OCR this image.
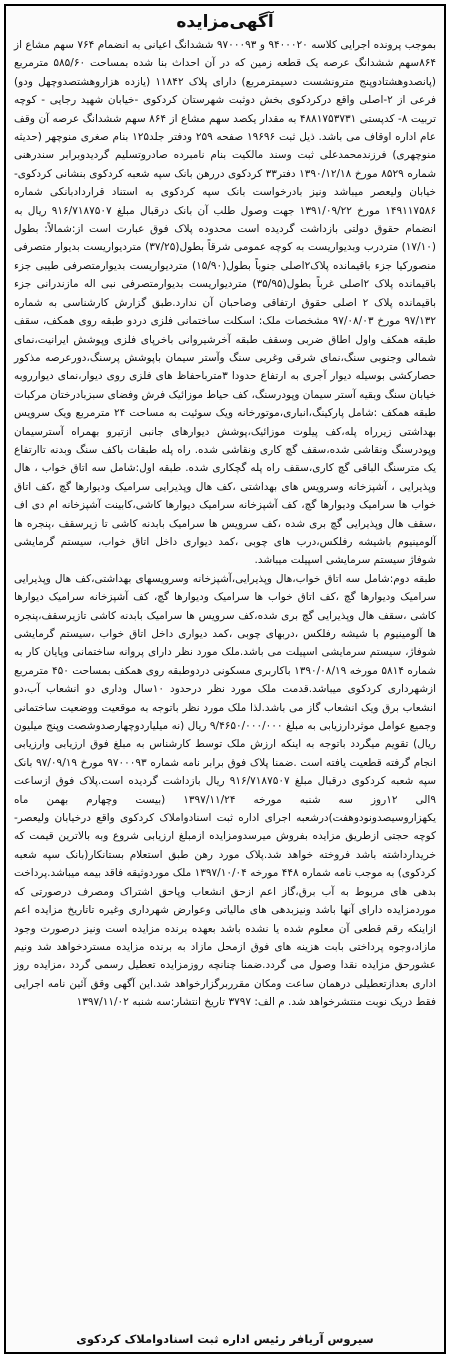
آگهی‌مزایده

بموجب پرونده اجرایی کلاسه ۹۴۰۰۰۲۰ و ۹۷۰۰۰۹۳ ششدانگ اعیانی به انضمام ۷۶۴ سهم مشاع از ۸۶۴سهم ششدانگ عرصه یک قطعه زمین که در آن احداث بنا شده بمساحت ۵۸۵/۶۰ مترمربع (پانصدوهشتادوپنج مترونشست دسیمترمربع) دارای پلاک ۱۱۸۴۲ (یازده هزاروهشتصدوچهل ودو) فرعی از ۲-اصلی واقع درکردکوی بخش دوثبت شهرستان کردکوی -خیابان شهید رجایی - کوچه تربیت ۸- کدپستی ۴۸۸۱۷۵۳۷۳۱ به مقدار یکصد سهم مشاع از ۸۶۴ سهم ششدانگ عرصه آن وقف عام اداره اوقاف می باشد. ذیل ثبت ۱۹۶۹۶ صفحه ۲۵۹ ودفتر جلد۱۲۵ بنام صغری منوچهر (حدیثه منوچهری) فرزندمحمدعلی ثبت وسند مالکیت بنام نامبرده صادروتسلیم گردیدوبرابر سندرهنی شماره ۸۵۲۹ مورخ ۱۳۹۰/۱۲/۱۸ دفتر۳۳ کردکوی دررهن بانک سپه شعبه کردکوی بنشانی کردکوی- خیابان ولیعصر میباشد ونیز بادرخواست بانک سپه کردکوی به استناد قراردادبانکی شماره ۱۴۹۱۱۷۵۸۶ مورخ ۱۳۹۱/۰۹/۲۲ جهت وصول طلب آن بانک درقبال مبلغ ۹۱۶/۷۱۸۷۵۰۷ ریال به انضمام حقوق دولتی بازداشت گردیده است محدوده پلاک فوق عبارت است از:شمالاً: بطول (۱۷/۱۰) متردرب وبدیواریست به کوچه عمومی شرقاً بطول(۳۷/۲۵) متردیواریست بدیوار متصرفی منصورکیا جزء باقیمانده پلاک۲اصلی جنوباً بطول(۱۵/۹۰) متردیواریست بدیوارمتصرفی طیبی جزء باقیمانده پلاک ۲اصلی غرباً بطول(۳۵/۹۵) متردیواریست بدیوارمتصرفی نبی اله مازندرانی جزء باقیمانده پلاک ۲ اصلی حقوق ارتفاقی وصاحبان آن ندارد.طبق گزارش کارشناسی به شماره ۹۷/۱۳۲ مورخ ۹۷/۰۸/۰۳ مشخصات ملک: اسکلت ساختمانی فلزی دردو طبقه روی همکف، سقف طبقه همکف واول اطاق ضربی وسقف طبقه آخرشیروانی باخرپای فلزی وپوشش ایرانیت،نمای شمالی وجنوبی سنگ،نمای شرقی وغربی سنگ وآستر سیمان باپوشش پرسنگ،دورعرصه مذکور حصارکشی بوسیله دیوار آجری به ارتفاع حدودا ۳مترباحفاظ های فلزی روی دیوار،نمای دیوارروبه خیابان سنگ وبقیه آستر سیمان وپودرسنگ، کف حیاط موزائیک فرش وفضای سبزبادرختان مرکبات طبقه همکف :شامل پارکینگ،انباری،موتورخانه ویک سوئیت به مساحت ۲۴ مترمربع ویک سرویس بهداشتی زیرراه پله،کف پیلوت موزائیک،پوشش دیوارهای جانبی ازتیرو بهمراه آسترسیمان وپودرسنگ ونقاشی شده،سقف گچ کاری ونقاشی شده. راه پله طبقات باکف سنگ وبدنه تاارتفاع یک مترسنگ الباقی گچ کاری،سقف راه پله گچکاری شده. طبقه اول:شامل سه اتاق خواب ، هال وپذیرایی ، آشپزخانه وسرویس های بهداشتی ،کف هال وپذیرایی سرامیک ودیوارها گچ ،کف اتاق خواب ها سرامیک ودیوارها گچ، کف آشپزخانه سرامیک دیوارها کاشی،کابینت آشپزخانه ام دی اف ،سقف هال وپذیرایی گچ بری شده ،کف سرویس ها سرامیک بابدنه کاشی تا زیرسقف ،پنجره ها آلومینیوم باشیشه رفلکس،درب های چوبی ،کمد دیواری داخل اتاق خواب، سیستم گرمایشی شوفاژ سیستم سرمایشی اسپیلت میباشد.

طبقه دوم:شامل سه اتاق خواب،هال وپذیرایی،آشپزخانه وسرویسهای بهداشتی،کف هال وپذیرایی سرامیک ودیوارها گچ ،کف اتاق خواب ها سرامیک ودیوارها گچ، کف آشپزخانه سرامیک دیوارها کاشی ،سقف هال وپذیرایی گچ بری شده،کف سرویس ها سرامیک بابدنه کاشی تازیرسقف،پنجره ها آلومینیوم با شیشه رفلکس ،دربهای چوبی ،کمد دیواری داخل اتاق خواب ،سیستم گرمایشی شوفاژ، سیستم سرمایشی اسپیلت می باشد.ملک مورد نظر دارای پروانه ساختمانی وپایان کار به شماره ۵۸۱۴ مورخه ۱۳۹۰/۰۸/۱۹ باکاربری مسکونی دردوطبقه روی همکف بمساحت ۴۵۰ مترمربع ازشهرداری کردکوی میباشد.قدمت ملک مورد نظر درحدود ۱۰سال وداری دو انشعاب آب،دو انشعاب برق ویک انشعاب گاز می باشد.لذا ملک مورد نظر باتوجه به موقعیت ووضعیت ساختمانی وجمیع عوامل موثردارزیابی به مبلغ ۹/۴۶۵۰/۰۰۰/۰۰۰ ریال (نه میلیاردوچهارصدوشصت وپنج میلیون ریال) تقویم میگردد باتوجه به اینکه ارزش ملک توسط کارشناس به مبلغ فوق ارزیابی وارزیابی انجام گرفته قطعیت یافته است .ضمنا پلاک فوق برابر نامه شماره ۹۷۰۰۰۹۳ مورخ ۹۷/۰۹/۱۹ بانک سپه شعبه کردکوی درقبال مبلغ ۹۱۶/۷۱۸۷۵۰۷ ریال بازداشت گردیده است.پلاک فوق ازساعت ۹الی ۱۲روز سه شنبه مورخه ۱۳۹۷/۱۱/۲۴ (بیست وچهارم بهمن ماه یکهزاروسیصدونودوهفت)درشعبه اجرای اداره ثبت اسنادواملاک کردکوی واقع درخیابان ولیعصر-کوچه حجتی ازطریق مزایده بفروش میرسدومزایده ازمبلغ ارزیابی شروع وبه بالاترین قیمت که خریدارداشته باشد فروخته خواهد شد.پلاک مورد رهن طبق استعلام بستانکار(بانک سپه شعبه کردکوی) به موجب نامه شماره ۴۴۸ مورخه ۱۳۹۷/۱۰/۰۴ ملک موردوثیقه فاقد بیمه میباشد.پرداخت بدهی های مربوط به آب برق،گاز اعم ازحق انشعاب وپاحق اشتراک ومصرف درصورتی که موردمزایده دارای آنها باشد ونیزبدهی های مالیاتی وعوارض شهرداری وغیره تاتاریخ مزایده اعم ازاینکه رقم قطعی آن معلوم شده یا نشده باشد بعهده برنده مزایده است ونیز درصورت وجود مازاد،وجوه پرداختی بابت هزینه های فوق ازمحل مازاد به برنده مزایده مستردخواهد شد ونیم عشورحق مزایده نقدا وصول می گردد.ضمنا چنانچه روزمزایده تعطیل رسمی گردد ،مزایده روز اداری بعدازتعطیلی درهمان ساعت ومکان مقرربرگزارخواهد شد.این آگهی وقق آئین نامه اجرایی فقط دریک نوبت منتشرخواهد شد. م الف: ۳۷۹۷ تاریخ انتشار:سه شنبه ۱۳۹۷/۱۱/۰۲

سیروس آریافر رئیس اداره ثبت اسنادواملاک کردکوی
